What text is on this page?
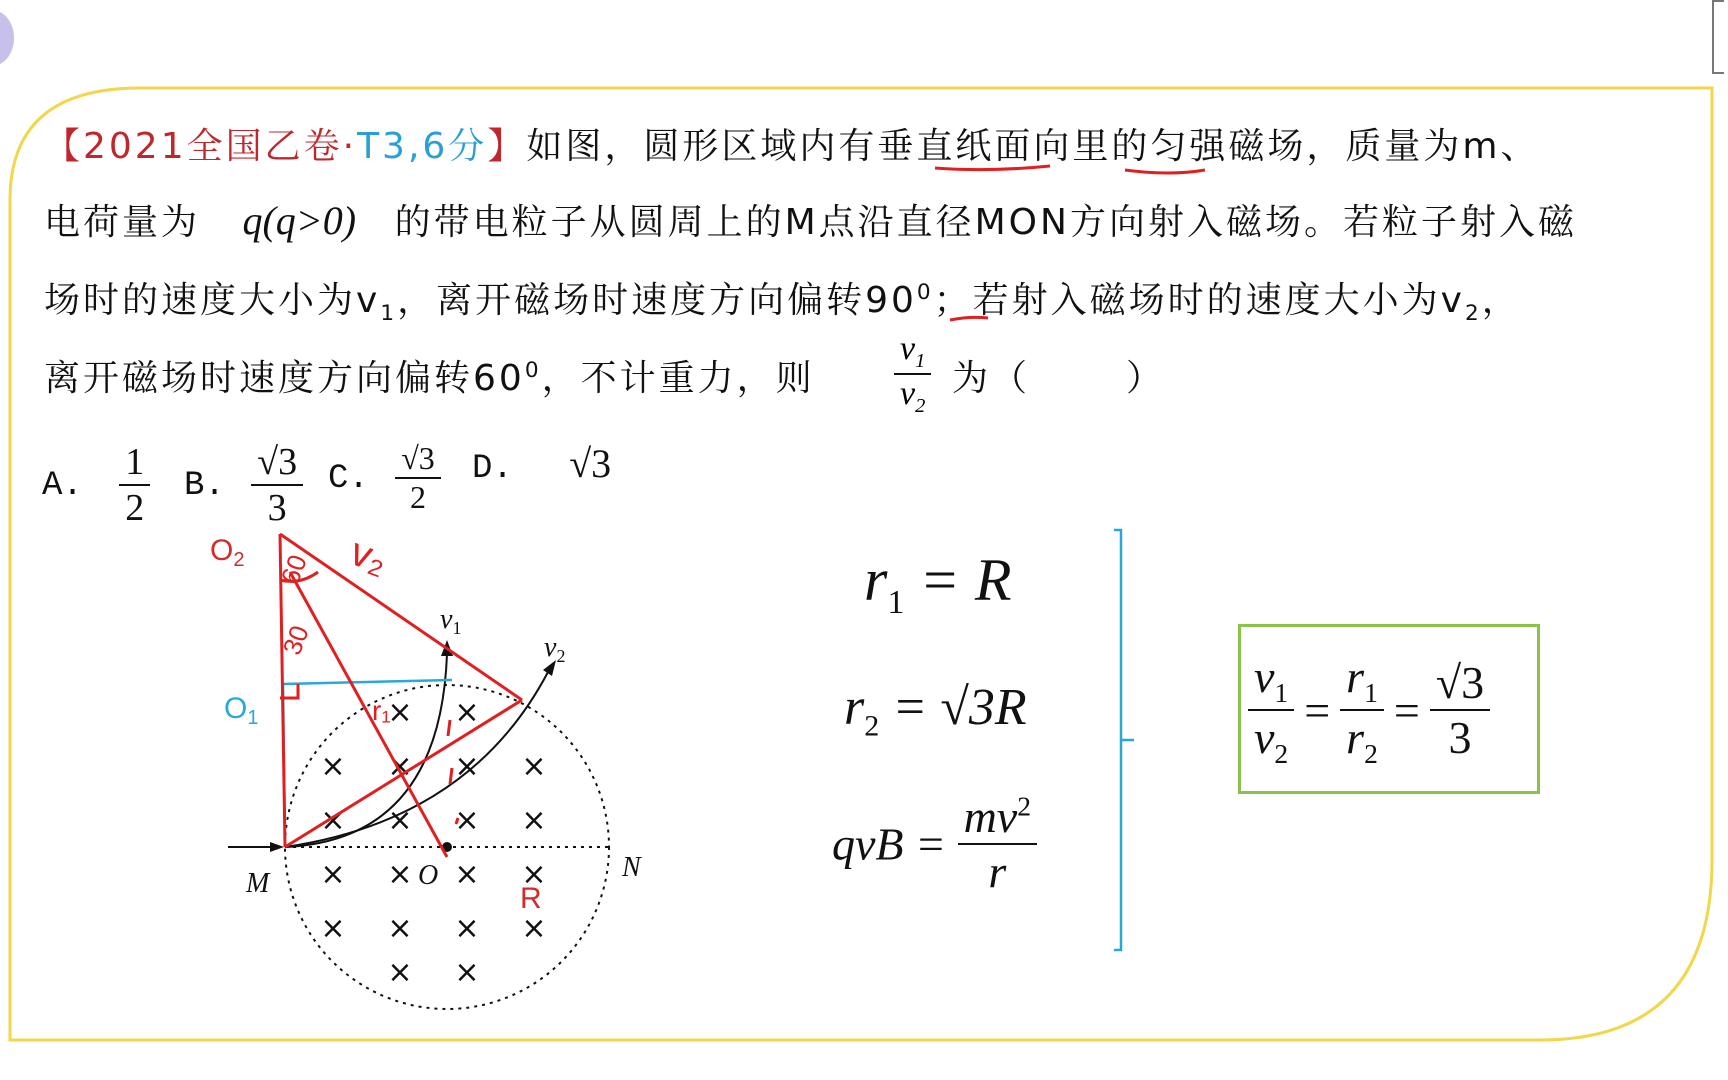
【2021全国乙卷·T3,6分】如图，圆形区域内有垂直纸面向里的匀强磁场，质量为m、
电荷量为 q(q>0) 的带电粒子从圆周上的M点沿直径MON方向射入磁场。若粒子射入磁
场时的速度大小为$v_1$，离开磁场时速度方向偏转$90^0$；若射入磁场时的速度大小为$v_2$，
离开磁场时速度方向偏转$60^0$，不计重力，则 $\frac{v_1}{v_2}$ 为（	）
A. $\frac{1}{2} B$. $\frac{√3}{3} C$. $\frac{√3}{2} D$. √3
× ×
× × × ×
× × × ×
× × × ×
× × × ×
× ×
$O_2$
$O_1$
R
60
30
v₂
r₁
M	O	N
$v_1$
$v_2$
$r_1 = R$
$r_2 = √3R$
qvB = $\frac{mv^2}{r}$
$\frac{v_1}{v_2} = \frac{r_1}{r_2} = \frac{√3}{3}$
